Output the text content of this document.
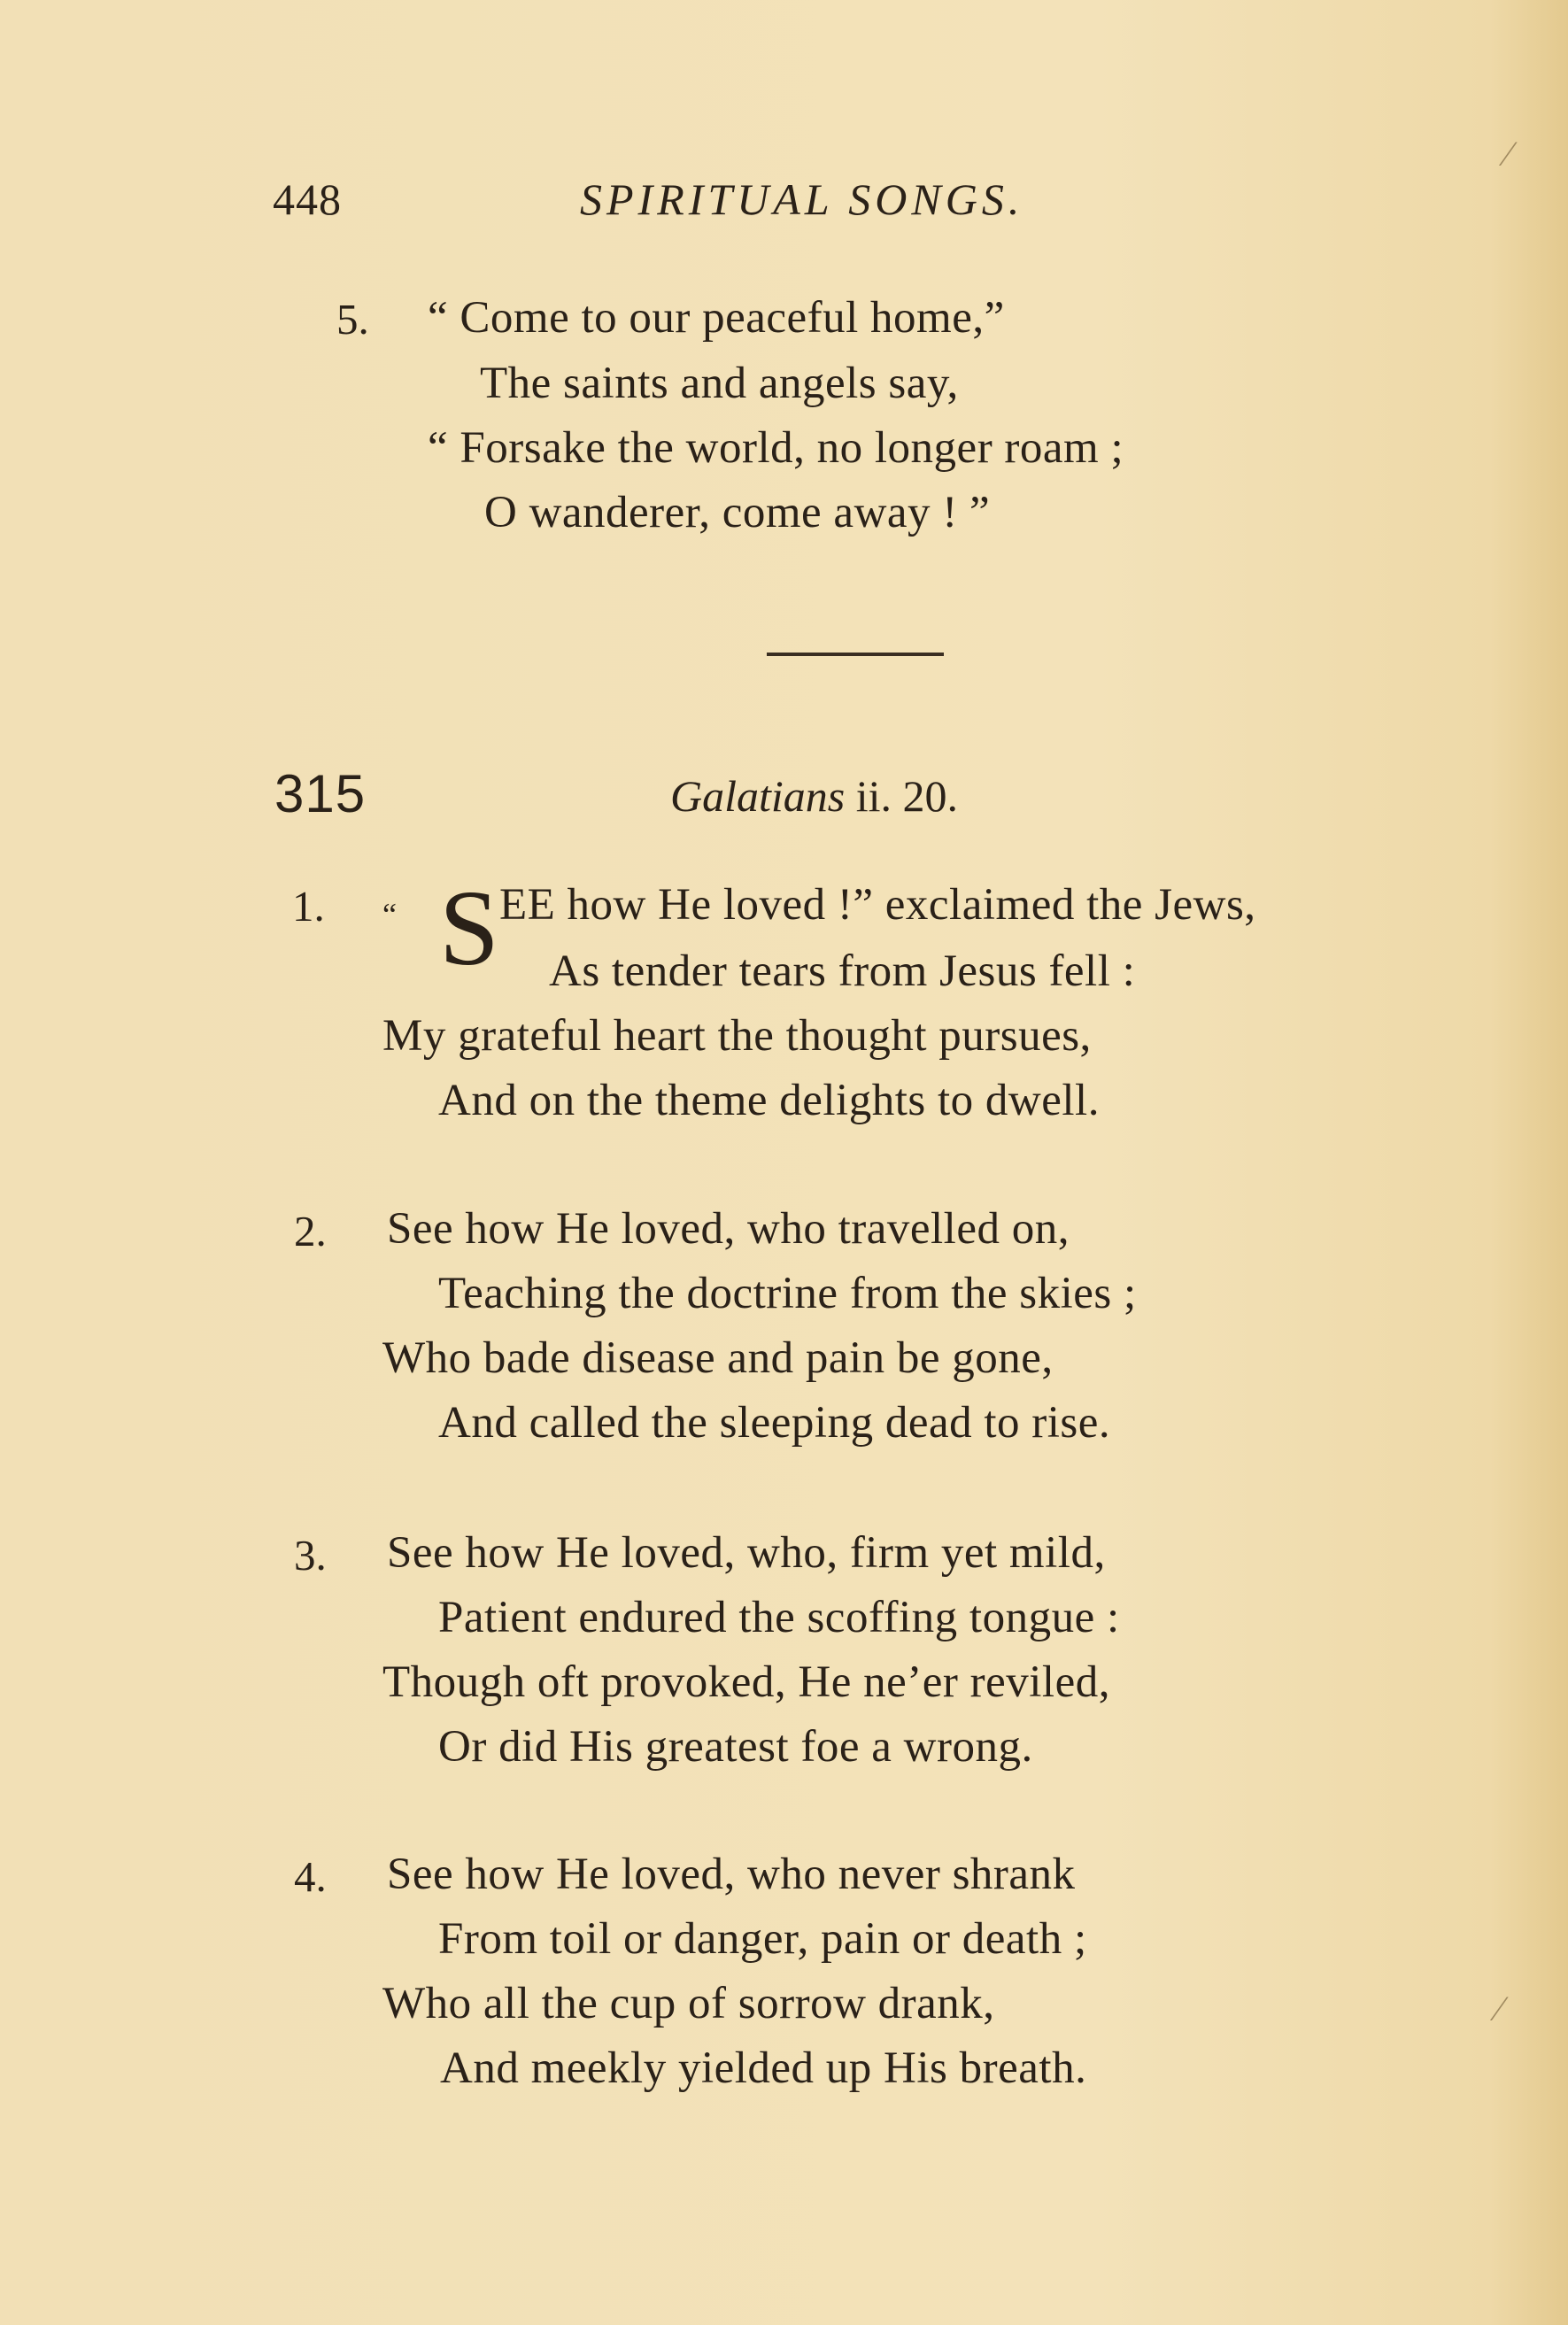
448	SPIRITUAL SONGS.
5. “ Come to our peaceful home,”
The saints and angels say,
“ Forsake the world, no longer roam ;
O wanderer, come away ! ”
315	Galatians ii. 20.
1. “ S EE how He loved !” exclaimed the Jews,
As tender tears from Jesus fell :
My grateful heart the thought pursues,
And on the theme delights to dwell.
2. See how He loved, who travelled on,
Teaching the doctrine from the skies ;
Who bade disease and pain be gone,
And called the sleeping dead to rise.
3. See how He loved, who, firm yet mild,
Patient endured the scoffing tongue :
Though oft provoked, He ne’er reviled,
Or did His greatest foe a wrong.
4. See how He loved, who never shrank
From toil or danger, pain or death ;
Who all the cup of sorrow drank,
And meekly yielded up His breath.
⁄
⁄
